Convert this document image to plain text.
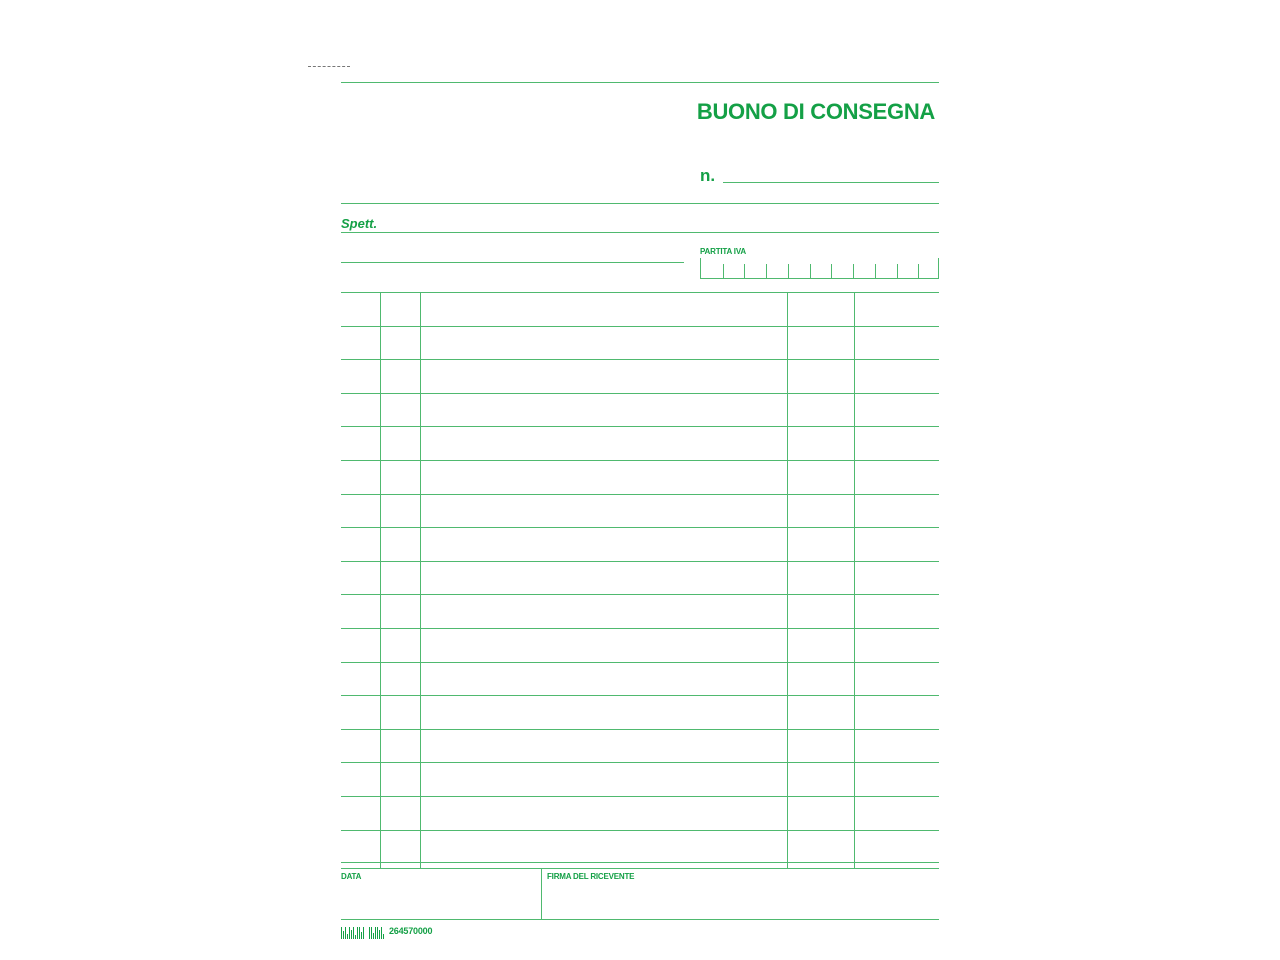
BUONO DI CONSEGNA
n.
Spett.
PARTITA IVA
DATA	FIRMA DEL RICEVENTE
264570000
